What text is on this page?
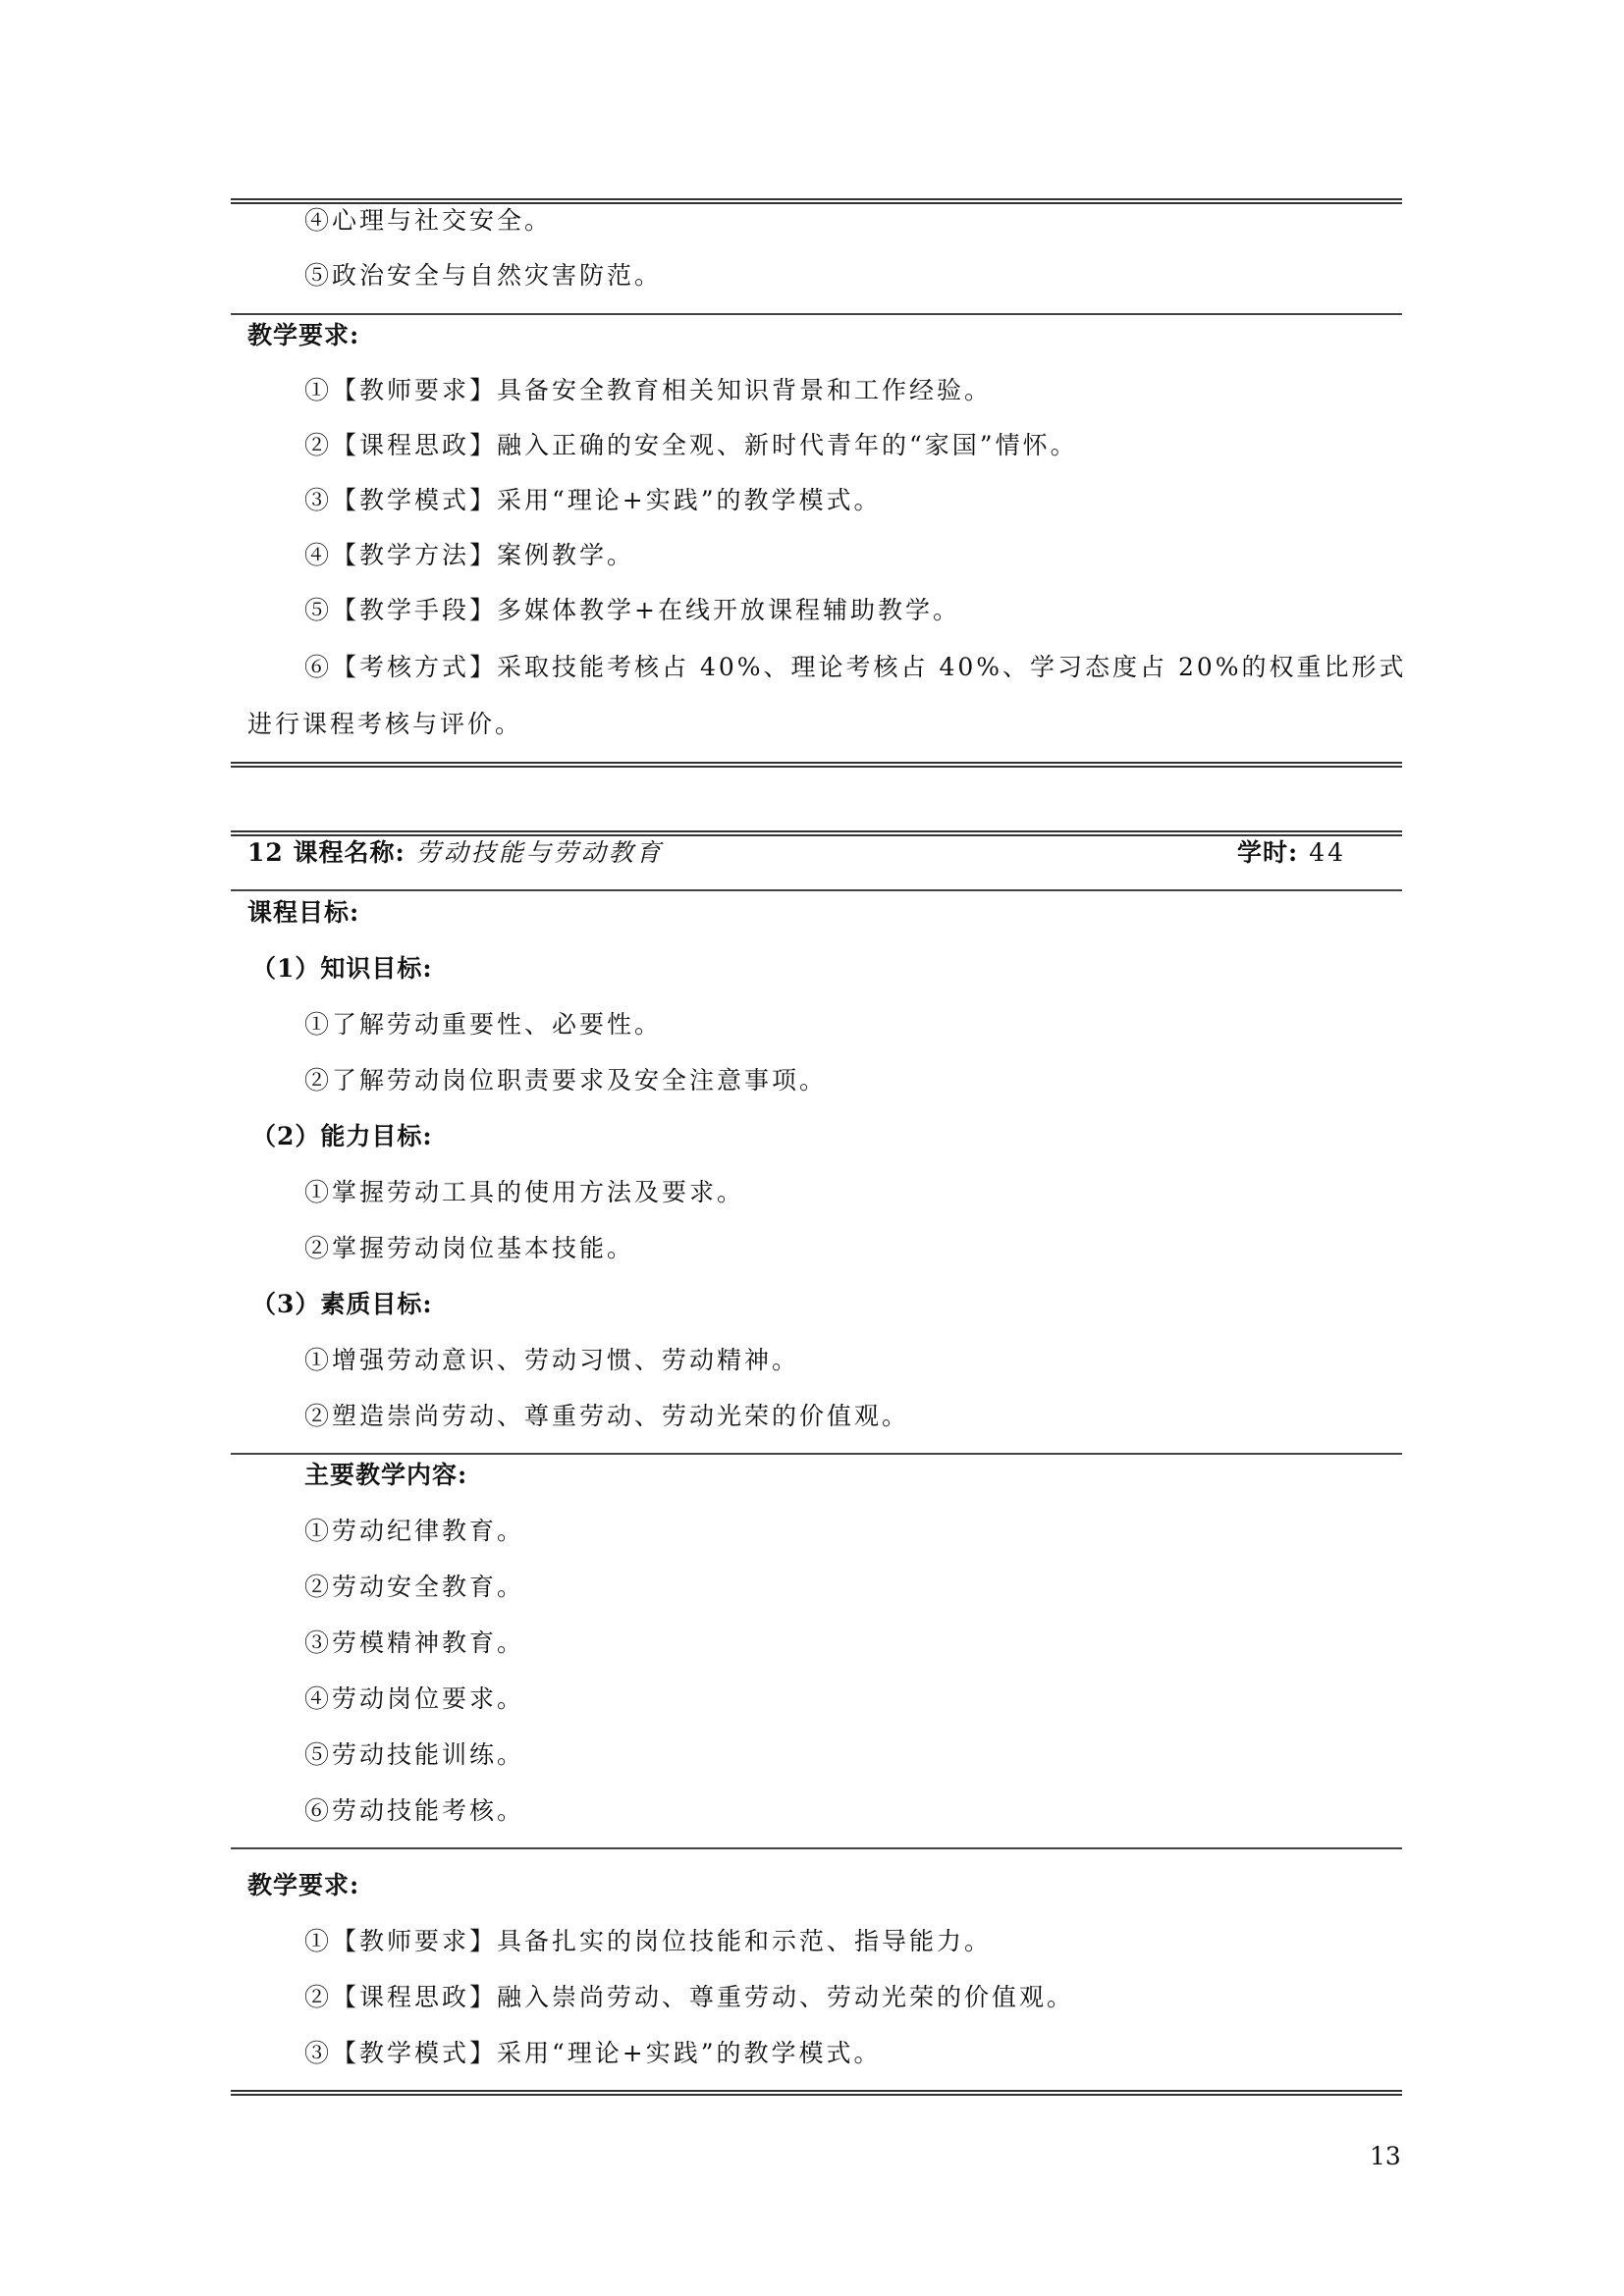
④心理与社交安全。
⑤政治安全与自然灾害防范。
教学要求:
①【教师要求】具备安全教育相关知识背景和工作经验。
②【课程思政】融入正确的安全观、新时代青年的“家国”情怀。
③【教学模式】采用“理论+实践”的教学模式。
④【教学方法】案例教学。
⑤【教学手段】多媒体教学+在线开放课程辅助教学。
⑥【考核方式】采取技能考核占 40%、理论考核占 40%、学习态度占 20%的权重比形式
进行课程考核与评价。
12 课程名称: 劳动技能与劳动教育	学时: 44
课程目标:
（1）知识目标:
①了解劳动重要性、必要性。
②了解劳动岗位职责要求及安全注意事项。
（2）能力目标:
①掌握劳动工具的使用方法及要求。
②掌握劳动岗位基本技能。
（3）素质目标:
①增强劳动意识、劳动习惯、劳动精神。
②塑造崇尚劳动、尊重劳动、劳动光荣的价值观。
主要教学内容:
①劳动纪律教育。
②劳动安全教育。
③劳模精神教育。
④劳动岗位要求。
⑤劳动技能训练。
⑥劳动技能考核。
教学要求:
①【教师要求】具备扎实的岗位技能和示范、指导能力。
②【课程思政】融入崇尚劳动、尊重劳动、劳动光荣的价值观。
③【教学模式】采用“理论+实践”的教学模式。
13
